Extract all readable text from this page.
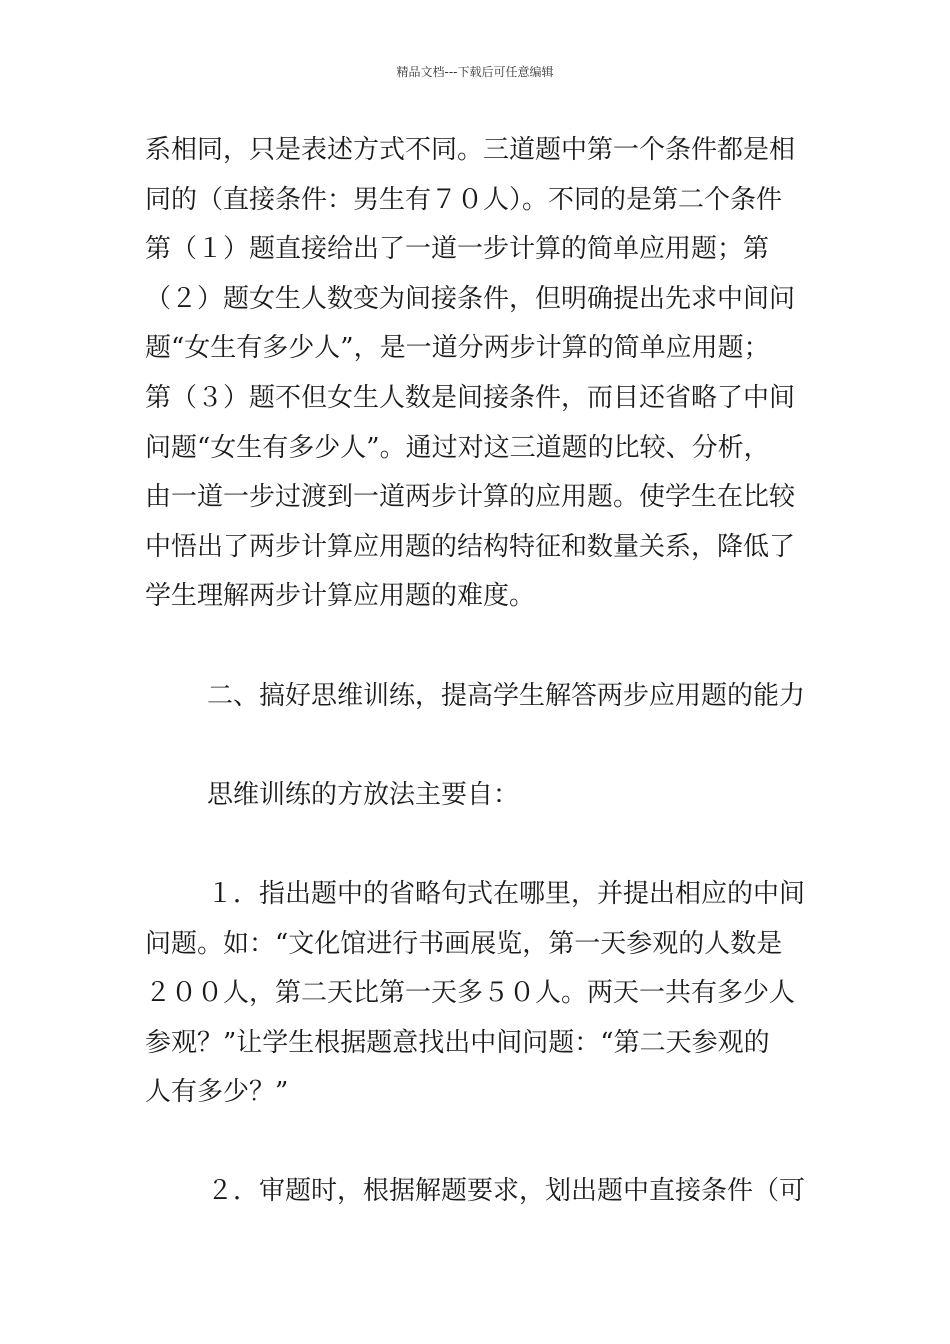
精品文档---下载后可任意编辑
系相同，只是表述方式不同。三道题中第一个条件都是相
同的（直接条件：男生有７０人）。不同的是第二个条件
第（１）题直接给出了一道一步计算的简单应用题；第
（２）题女生人数变为间接条件，但明确提出先求中间问
题“女生有多少人”，是一道分两步计算的简单应用题；
第（３）题不但女生人数是间接条件，而目还省略了中间
问题“女生有多少人”。通过对这三道题的比较、分析，
由一道一步过渡到一道两步计算的应用题。使学生在比较
中悟出了两步计算应用题的结构特征和数量关系，降低了
学生理解两步计算应用题的难度。
二、搞好思维训练，提高学生解答两步应用题的能力
思维训练的方放法主要自：
１．指出题中的省略句式在哪里，并提出相应的中间
问题。如：“文化馆进行书画展览，第一天参观的人数是
２００人，第二天比第一天多５０人。两天一共有多少人
参观？”让学生根据题意找出中间问题：“第二天参观的
人有多少？”
２．审题时，根据解题要求，划出题中直接条件（可
